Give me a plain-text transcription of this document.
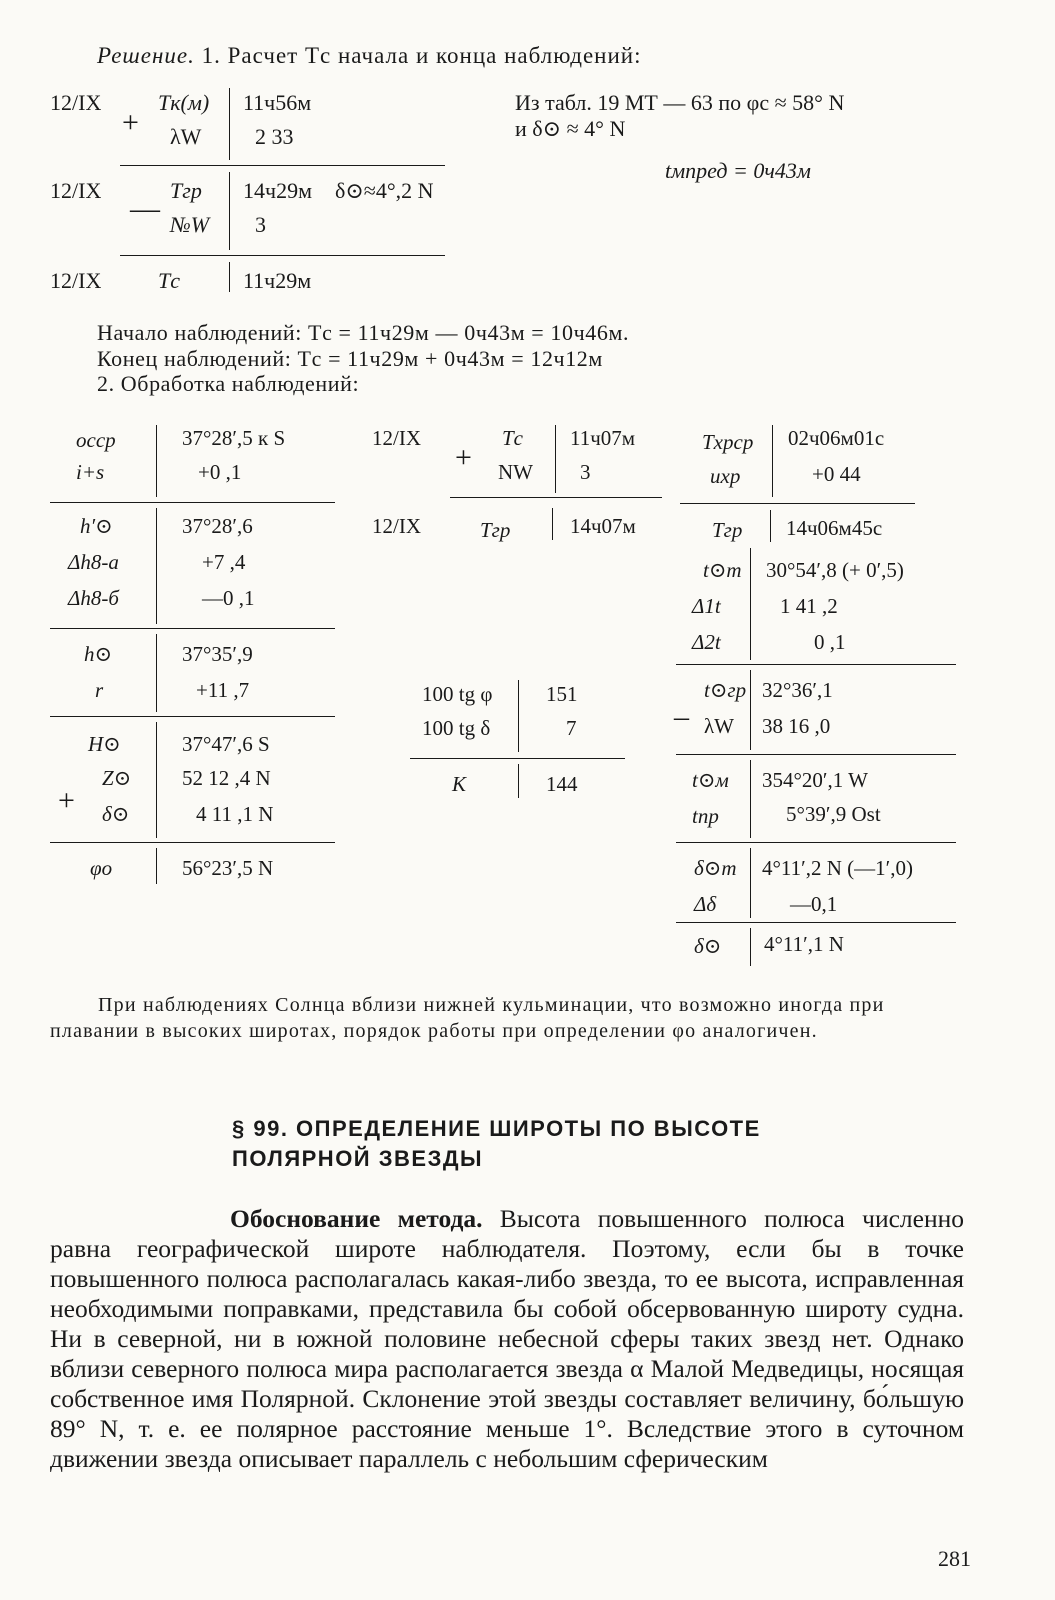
Решение. 1. Расчет Tс начала и конца наблюдений:
12/IX	Tк(м) 11ч56м
+ λW 2 33
12/IX	Tгр 14ч29м δ⊙≈4°,2 N
— №W 3
12/IX	Tс	11ч29м
Из табл. 19 МТ — 63 по φс ≈ 58° N
и δ⊙ ≈ 4° N
tмпред = 0ч43м
Начало наблюдений: Tс = 11ч29м — 0ч43м = 10ч46м.
Конец наблюдений: Tс = 11ч29м + 0ч43м = 12ч12м
2. Обработка наблюдений:
ocср	37°28′,5 к S
i+s	+0 ,1
h′⊙	37°28′,6
Δh8-а	+7 ,4
Δh8-б	—0 ,1
h⊙	37°35′,9
r	+11 ,7
H⊙	37°47′,6 S
Z⊙ 52 12 ,4 N
+ δ⊙	4 11 ,1 N
φо	56°23′,5 N
12/IX	Tс 11ч07м
+ NW 3
12/IX	Tгр	14ч07м
100 tg φ	151
100 tg δ	7
K	144
Tхрср 02ч06м01с
uхр	+0 44
Tгр 14ч06м45с
t⊙т 30°54′,8 (+ 0′,5)
Δ1t	1 41 ,2
Δ2t	0 ,1
t⊙гр 32°36′,1
_
λW 38 16 ,0
t⊙м 354°20′,1 W
tпр	5°39′,9 Ost
δ⊙т 4°11′,2 N (—1′,0)
Δδ	—0,1
δ⊙ 4°11′,1 N
При наблюдениях Солнца вблизи нижней кульминации, что возможно иногда при плавании в высоких широтах, порядок работы при определении φо аналогичен.
§ 99. ОПРЕДЕЛЕНИЕ ШИРОТЫ ПО ВЫСОТЕ
ПОЛЯРНОЙ ЗВЕЗДЫ
Обоснование метода. Высота повышенного полюса численно равна географической широте наблюдателя. Поэтому, если бы в точке повышенного полюса располагалась какая-либо звезда, то ее высота, исправленная необходимыми поправками, представила бы собой обсервованную широту судна. Ни в северной, ни в южной половине небесной сферы таких звезд нет. Однако вблизи северного полюса мира располагается звезда α Малой Медведицы, носящая собственное имя Полярной. Склонение этой звезды составляет величину, бо́льшую 89° N, т. е. ее полярное расстояние меньше 1°. Вследствие этого в суточном движении звезда описывает параллель с небольшим сферическим
281
